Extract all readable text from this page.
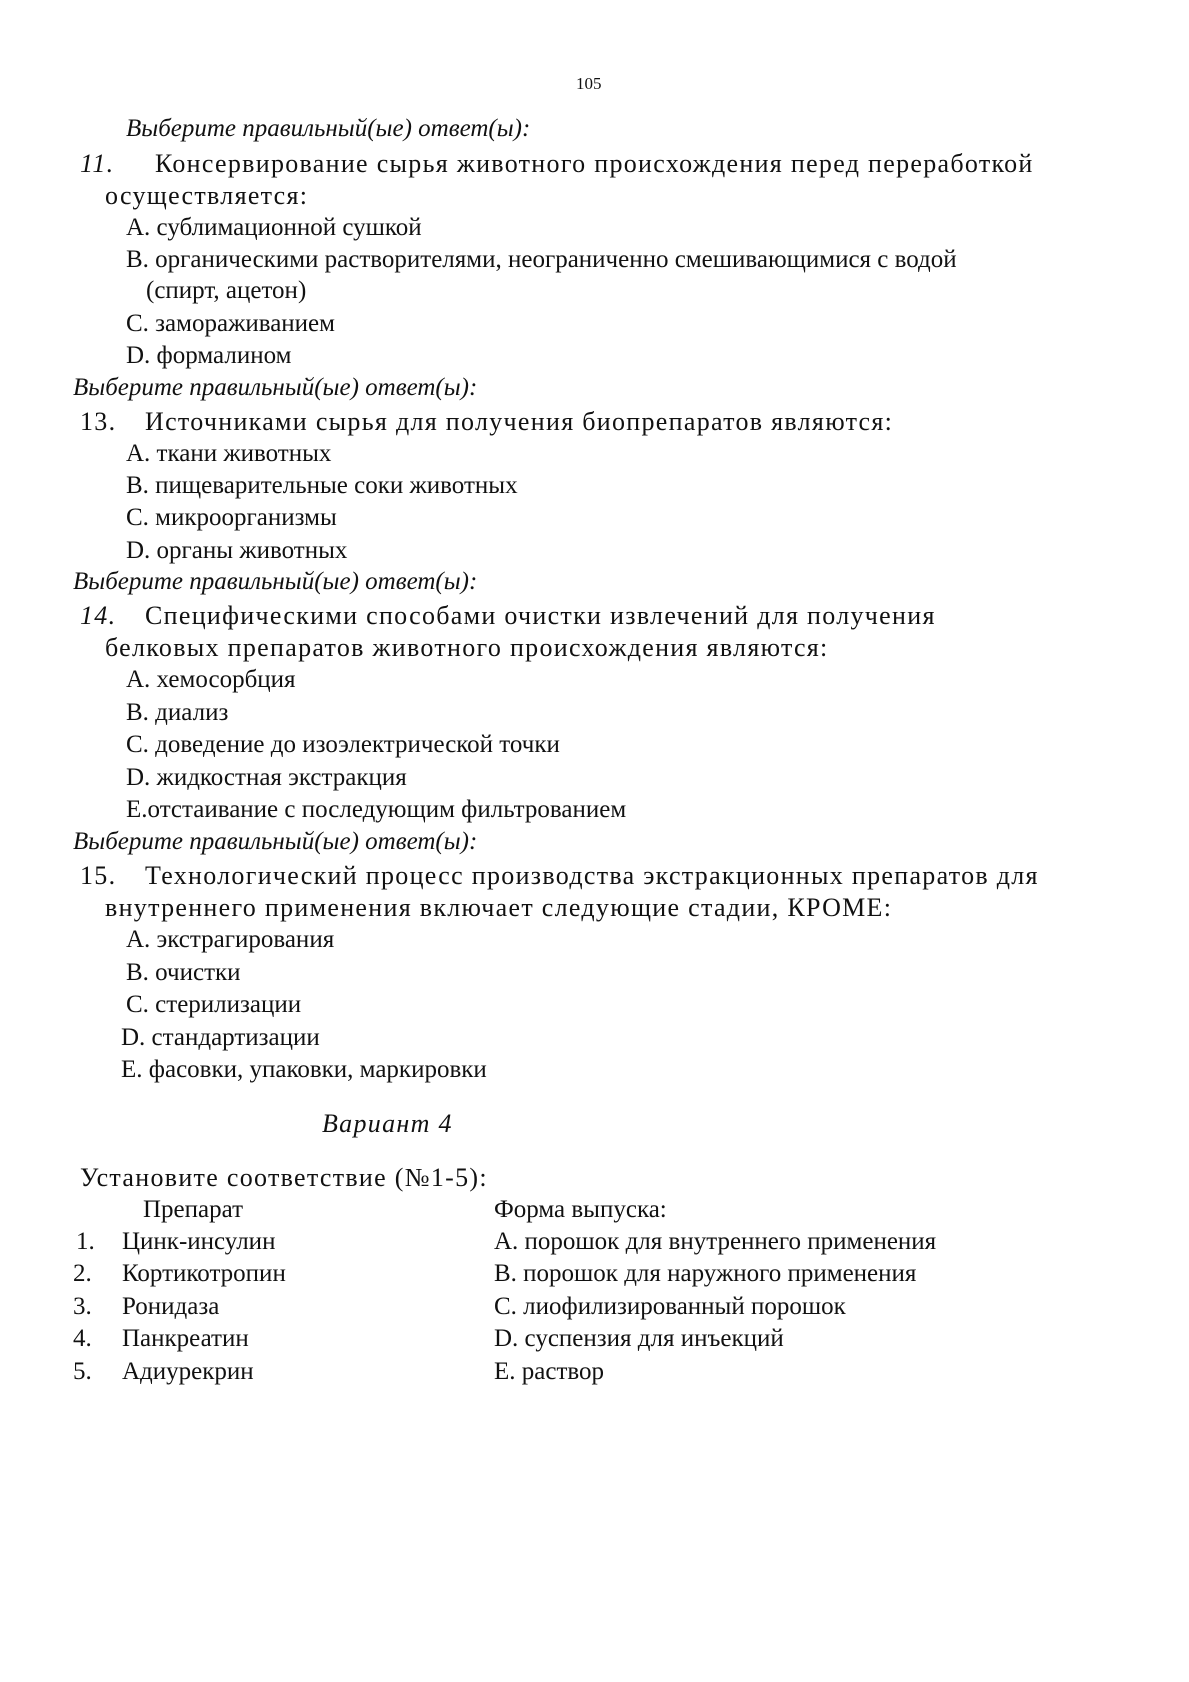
105
Выберите правильный(ые) ответ(ы):
11. Консервирование сырья животного происхождения перед переработкой
осуществляется:
A. сублимационной сушкой
B. органическими растворителями, неограниченно смешивающимися с водой
(спирт, ацетон)
C. замораживанием
D. формалином
Выберите правильный(ые) ответ(ы):
13. Источниками сырья для получения биопрепаратов являются:
A. ткани животных
B. пищеварительные соки животных
C. микроорганизмы
D. органы животных
Выберите правильный(ые) ответ(ы):
14. Специфическими способами очистки извлечений для получения
белковых препаратов животного происхождения являются:
A. хемосорбция
B. диализ
C. доведение до изоэлектрической точки
D. жидкостная экстракция
E.отстаивание с последующим фильтрованием
Выберите правильный(ые) ответ(ы):
15. Технологический процесс производства экстракционных препаратов для
внутреннего применения включает следующие стадии, КРОМЕ:
A. экстрагирования
B. очистки
C. стерилизации
D. стандартизации
E. фасовки, упаковки, маркировки
Вариант 4
Установите соответствие (№1-5):
Препарат	Форма выпуска:
1. Цинк-инсулин	A. порошок для внутреннего применения
2. Кортикотропин	B. порошок для наружного применения
3. Ронидаза	C. лиофилизированный порошок
4. Панкреатин	D. суспензия для инъекций
5. Адиурекрин	E. раствор
